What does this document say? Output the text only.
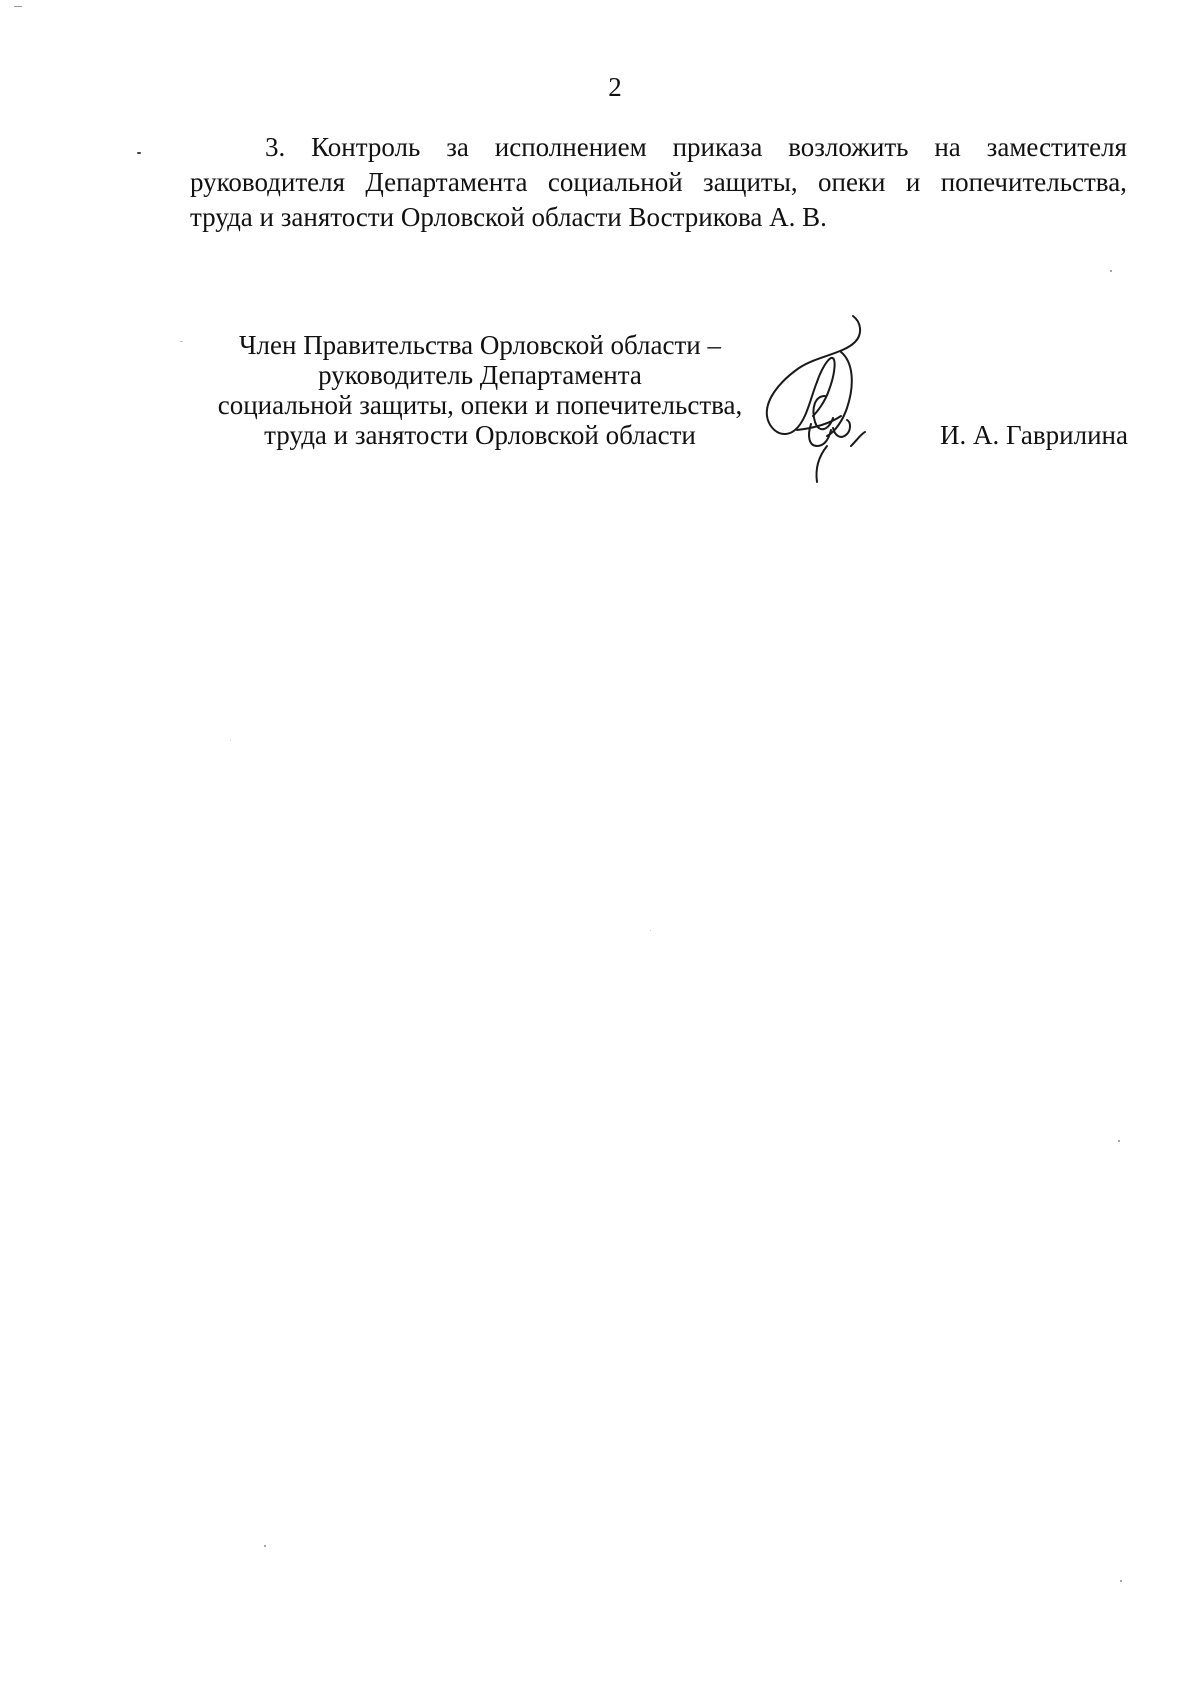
2
3. Контроль за исполнением приказа возложить на заместителя
руководителя Департамента социальной защиты, опеки и попечительства,
труда и занятости Орловской области Вострикова А. В.
Член Правительства Орловской области –
руководитель Департамента
социальной защиты, опеки и попечительства,
труда и занятости Орловской области	И. А. Гаврилина
